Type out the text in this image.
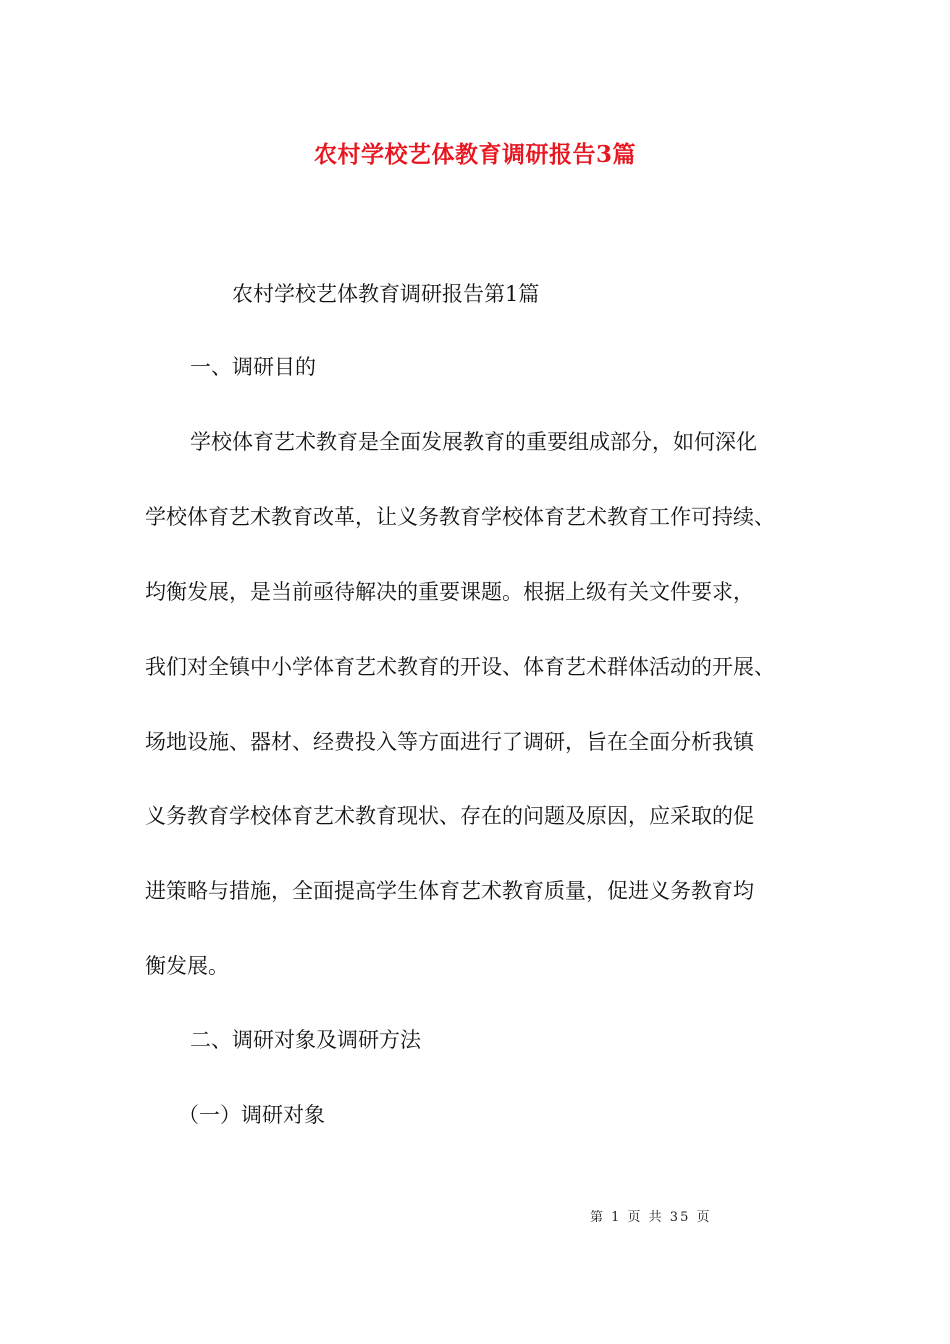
农村学校艺体教育调研报告3篇
农村学校艺体教育调研报告第1篇
一、调研目的
学校体育艺术教育是全面发展教育的重要组成部分，如何深化
学校体育艺术教育改革，让义务教育学校体育艺术教育工作可持续、
均衡发展，是当前亟待解决的重要课题。根据上级有关文件要求，
我们对全镇中小学体育艺术教育的开设、体育艺术群体活动的开展、
场地设施、器材、经费投入等方面进行了调研，旨在全面分析我镇
义务教育学校体育艺术教育现状、存在的问题及原因，应采取的促
进策略与措施，全面提高学生体育艺术教育质量，促进义务教育均
衡发展。
二、调研对象及调研方法
（一）调研对象
第 1 页 共 35 页
